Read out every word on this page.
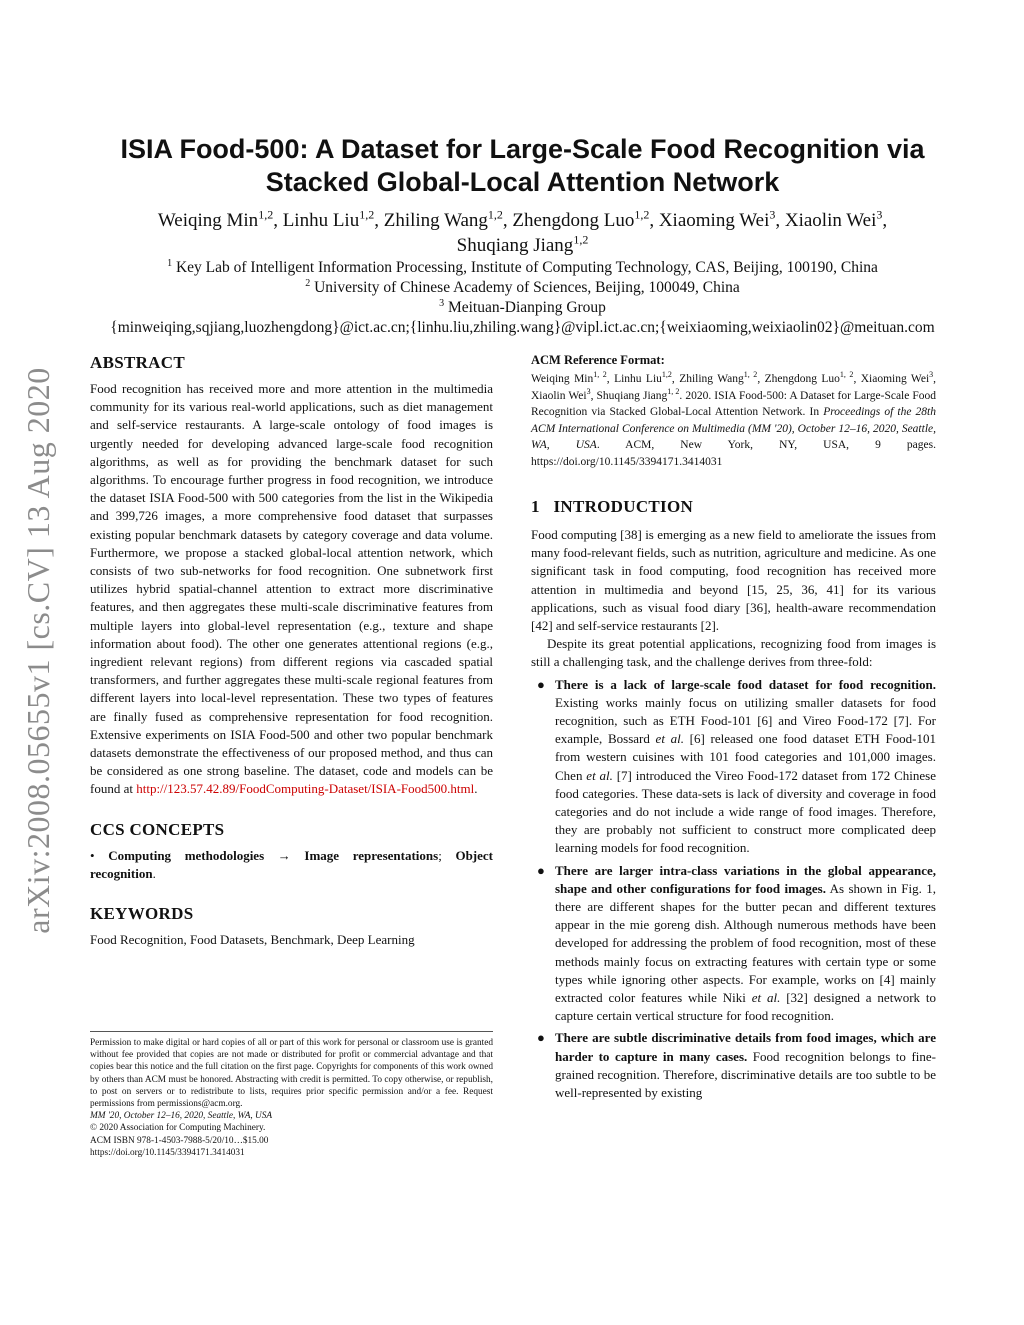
arXiv:2008.05655v1 [cs.CV] 13 Aug 2020
ISIA Food-500: A Dataset for Large-Scale Food Recognition via
Stacked Global-Local Attention Network
Weiqing Min$^{1,2}$, Linhu Liu$^{1,2}$, Zhiling Wang$^{1,2}$, Zhengdong Luo$^{1,2}$, Xiaoming Wei$^3$, Xiaolin Wei$^3$,
Shuqiang Jiang$^{1,2}$
$^1$ Key Lab of Intelligent Information Processing, Institute of Computing Technology, CAS, Beijing, 100190, China
$^2$ University of Chinese Academy of Sciences, Beijing, 100049, China
$^3$ Meituan-Dianping Group
{minweiqing,sqjiang,luozhengdong}@ict.ac.cn;{linhu.liu,zhiling.wang}@vipl.ict.ac.cn;{weixiaoming,weixiaolin02}@meituan.com
ABSTRACT

Food recognition has received more and more attention in the multimedia community for its various real-world applications, such as diet management and self-service restaurants. A large-scale ontology of food images is urgently needed for developing advanced large-scale food recognition algorithms, as well as for providing the benchmark dataset for such algorithms. To encourage further progress in food recognition, we introduce the dataset ISIA Food-500 with 500 categories from the list in the Wikipedia and 399,726 images, a more comprehensive food dataset that surpasses existing popular benchmark datasets by category coverage and data volume. Furthermore, we propose a stacked global-local attention network, which consists of two sub-networks for food recognition. One subnetwork first utilizes hybrid spatial-channel attention to extract more discriminative features, and then aggregates these multi-scale discriminative features from multiple layers into global-level representation (e.g., texture and shape information about food). The other one generates attentional regions (e.g., ingredient relevant regions) from different regions via cascaded spatial transformers, and further aggregates these multi-scale regional features from different layers into local-level representation. These two types of features are finally fused as comprehensive representation for food recognition. Extensive experiments on ISIA Food-500 and other two popular benchmark datasets demonstrate the effectiveness of our proposed method, and thus can be considered as one strong baseline. The dataset, code and models can be found at http://123.57.42.89/FoodComputing-Dataset/ISIA-Food500.html.

CCS CONCEPTS

• Computing methodologies → Image representations; Object recognition.

KEYWORDS

Food Recognition, Food Datasets, Benchmark, Deep Learning

Permission to make digital or hard copies of all or part of this work for personal or classroom use is granted without fee provided that copies are not made or distributed for profit or commercial advantage and that copies bear this notice and the full citation on the first page. Copyrights for components of this work owned by others than ACM must be honored. Abstracting with credit is permitted. To copy otherwise, or republish, to post on servers or to redistribute to lists, requires prior specific permission and/or a fee. Request permissions from permissions@acm.org.

MM '20, October 12–16, 2020, Seattle, WA, USA

© 2020 Association for Computing Machinery.

ACM ISBN 978-1-4503-7988-5/20/10…$15.00

https://doi.org/10.1145/3394171.3414031

ACM Reference Format:

Weiqing Min$^{1, 2}$, Linhu Liu$^{1,2}$, Zhiling Wang$^{1, 2}$, Zhengdong Luo$^{1, 2}$, Xiaoming Wei$^3$, Xiaolin Wei$^3$, Shuqiang Jiang$^{1, 2}$. 2020. ISIA Food-500: A Dataset for Large-Scale Food Recognition via Stacked Global-Local Attention Network. In Proceedings of the 28th ACM International Conference on Multimedia (MM '20), October 12–16, 2020, Seattle, WA, USA. ACM, New York, NY, USA, 9 pages. https://doi.org/10.1145/3394171.3414031

1   INTRODUCTION

Food computing [38] is emerging as a new field to ameliorate the issues from many food-relevant fields, such as nutrition, agriculture and medicine. As one significant task in food computing, food recognition has received more attention in multimedia and beyond [15, 25, 36, 41] for its various applications, such as visual food diary [36], health-aware recommendation [42] and self-service restaurants [2].

Despite its great potential applications, recognizing food from images is still a challenging task, and the challenge derives from three-fold:

● There is a lack of large-scale food dataset for food recognition. Existing works mainly focus on utilizing smaller datasets for food recognition, such as ETH Food-101 [6] and Vireo Food-172 [7]. For example, Bossard et al. [6] released one food dataset ETH Food-101 from western cuisines with 101 food categories and 101,000 images. Chen et al. [7] introduced the Vireo Food-172 dataset from 172 Chinese food categories. These data-sets is lack of diversity and coverage in food categories and do not include a wide range of food images. Therefore, they are probably not sufficient to construct more complicated deep learning models for food recognition.
● There are larger intra-class variations in the global appearance, shape and other configurations for food images. As shown in Fig. 1, there are different shapes for the butter pecan and different textures appear in the mie goreng dish. Although numerous methods have been developed for addressing the problem of food recognition, most of these methods mainly focus on extracting features with certain type or some types while ignoring other aspects. For example, works on [4] mainly extracted color features while Niki et al. [32] designed a network to capture certain vertical structure for food recognition.
● There are subtle discriminative details from food images, which are harder to capture in many cases. Food recognition belongs to fine-grained recognition. Therefore, discriminative details are too subtle to be well-represented by existing
